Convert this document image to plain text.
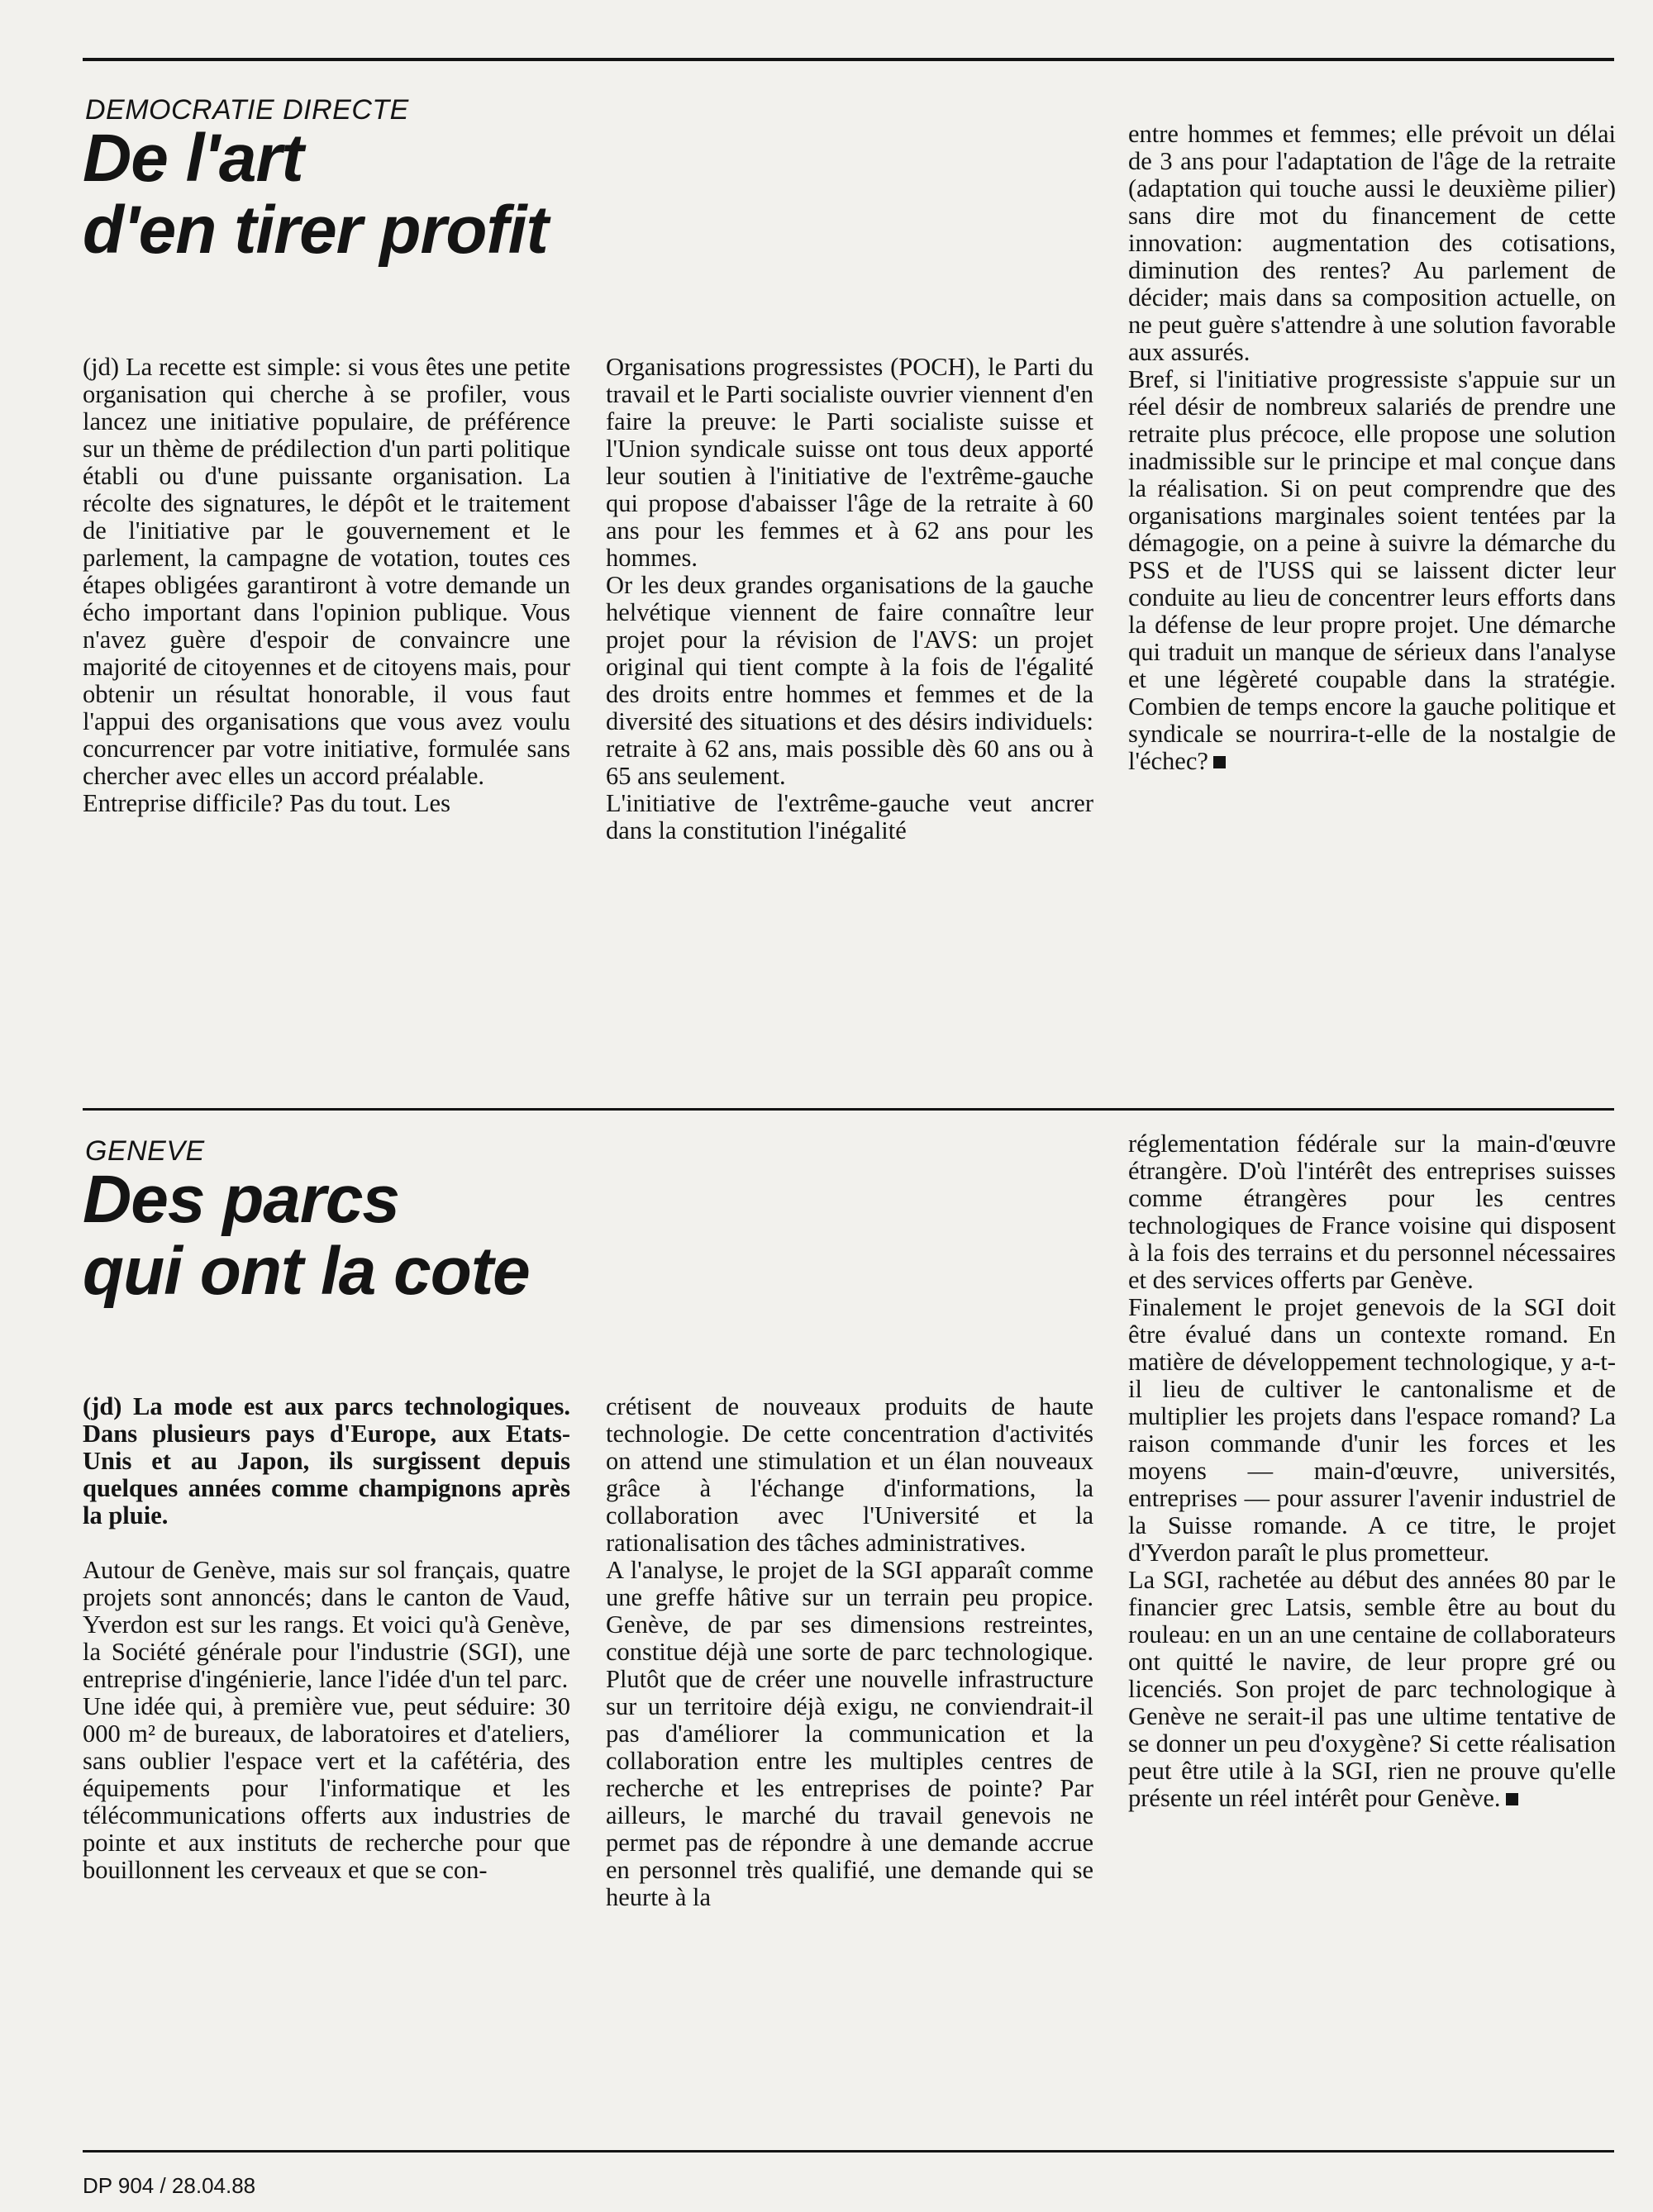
DEMOCRATIE DIRECTE
De l'art
d'en tirer profit

(jd) La recette est simple: si vous êtes une petite organisation qui cherche à se profiler, vous lancez une initiative populaire, de préférence sur un thème de prédilection d'un parti politique établi ou d'une puissante organisation. La récolte des signatures, le dépôt et le traitement de l'initiative par le gouvernement et le parlement, la campagne de votation, toutes ces étapes obligées garantiront à votre demande un écho important dans l'opinion publique. Vous n'avez guère d'espoir de convaincre une majorité de citoyennes et de citoyens mais, pour obtenir un résultat honorable, il vous faut l'appui des organisations que vous avez voulu concurrencer par votre initiative, formulée sans chercher avec elles un accord préalable.

Entreprise difficile? Pas du tout. Les

Organisations progressistes (POCH), le Parti du travail et le Parti socialiste ouvrier viennent d'en faire la preuve: le Parti socialiste suisse et l'Union syndicale suisse ont tous deux apporté leur soutien à l'initiative de l'extrême-gauche qui propose d'abaisser l'âge de la retraite à 60 ans pour les femmes et à 62 ans pour les hommes.

Or les deux grandes organisations de la gauche helvétique viennent de faire connaître leur projet pour la révision de l'AVS: un projet original qui tient compte à la fois de l'égalité des droits entre hommes et femmes et de la diversité des situations et des désirs individuels: retraite à 62 ans, mais possible dès 60 ans ou à 65 ans seulement.

L'initiative de l'extrême-gauche veut ancrer dans la constitution l'inégalité

entre hommes et femmes; elle prévoit un délai de 3 ans pour l'adaptation de l'âge de la retraite (adaptation qui touche aussi le deuxième pilier) sans dire mot du financement de cette innovation: augmentation des cotisations, diminution des rentes? Au parlement de décider; mais dans sa composition actuelle, on ne peut guère s'attendre à une solution favorable aux assurés.

Bref, si l'initiative progressiste s'appuie sur un réel désir de nombreux salariés de prendre une retraite plus précoce, elle propose une solution inadmissible sur le principe et mal conçue dans la réalisation. Si on peut comprendre que des organisations marginales soient tentées par la démagogie, on a peine à suivre la démarche du PSS et de l'USS qui se laissent dicter leur conduite au lieu de concentrer leurs efforts dans la défense de leur propre projet. Une démarche qui traduit un manque de sérieux dans l'analyse et une légèreté coupable dans la stratégie. Combien de temps encore la gauche politique et syndicale se nourrira-t-elle de la nostalgie de l'échec?

GENEVE
Des parcs
qui ont la cote

(jd) La mode est aux parcs technologiques. Dans plusieurs pays d'Europe, aux Etats-Unis et au Japon, ils surgissent depuis quelques années comme champignons après la pluie.

Autour de Genève, mais sur sol français, quatre projets sont annoncés; dans le canton de Vaud, Yverdon est sur les rangs. Et voici qu'à Genève, la Société générale pour l'industrie (SGI), une entreprise d'ingénierie, lance l'idée d'un tel parc.

Une idée qui, à première vue, peut séduire: 30 000 m² de bureaux, de laboratoires et d'ateliers, sans oublier l'espace vert et la cafétéria, des équipements pour l'informatique et les télécommunications offerts aux industries de pointe et aux instituts de recherche pour que bouillonnent les cerveaux et que se con-

crétisent de nouveaux produits de haute technologie. De cette concentration d'activités on attend une stimulation et un élan nouveaux grâce à l'échange d'informations, la collaboration avec l'Université et la rationalisation des tâches administratives.

A l'analyse, le projet de la SGI apparaît comme une greffe hâtive sur un terrain peu propice. Genève, de par ses dimensions restreintes, constitue déjà une sorte de parc technologique. Plutôt que de créer une nouvelle infrastructure sur un territoire déjà exigu, ne conviendrait-il pas d'améliorer la communication et la collaboration entre les multiples centres de recherche et les entreprises de pointe? Par ailleurs, le marché du travail genevois ne permet pas de répondre à une demande accrue en personnel très qualifié, une demande qui se heurte à la

réglementation fédérale sur la main-d'œuvre étrangère. D'où l'intérêt des entreprises suisses comme étrangères pour les centres technologiques de France voisine qui disposent à la fois des terrains et du personnel nécessaires et des services offerts par Genève.

Finalement le projet genevois de la SGI doit être évalué dans un contexte romand. En matière de développement technologique, y a-t-il lieu de cultiver le cantonalisme et de multiplier les projets dans l'espace romand? La raison commande d'unir les forces et les moyens — main-d'œuvre, universités, entreprises — pour assurer l'avenir industriel de la Suisse romande. A ce titre, le projet d'Yverdon paraît le plus prometteur.

La SGI, rachetée au début des années 80 par le financier grec Latsis, semble être au bout du rouleau: en un an une centaine de collaborateurs ont quitté le navire, de leur propre gré ou licenciés. Son projet de parc technologique à Genève ne serait-il pas une ultime tentative de se donner un peu d'oxygène? Si cette réalisation peut être utile à la SGI, rien ne prouve qu'elle présente un réel intérêt pour Genève.

DP 904 / 28.04.88
